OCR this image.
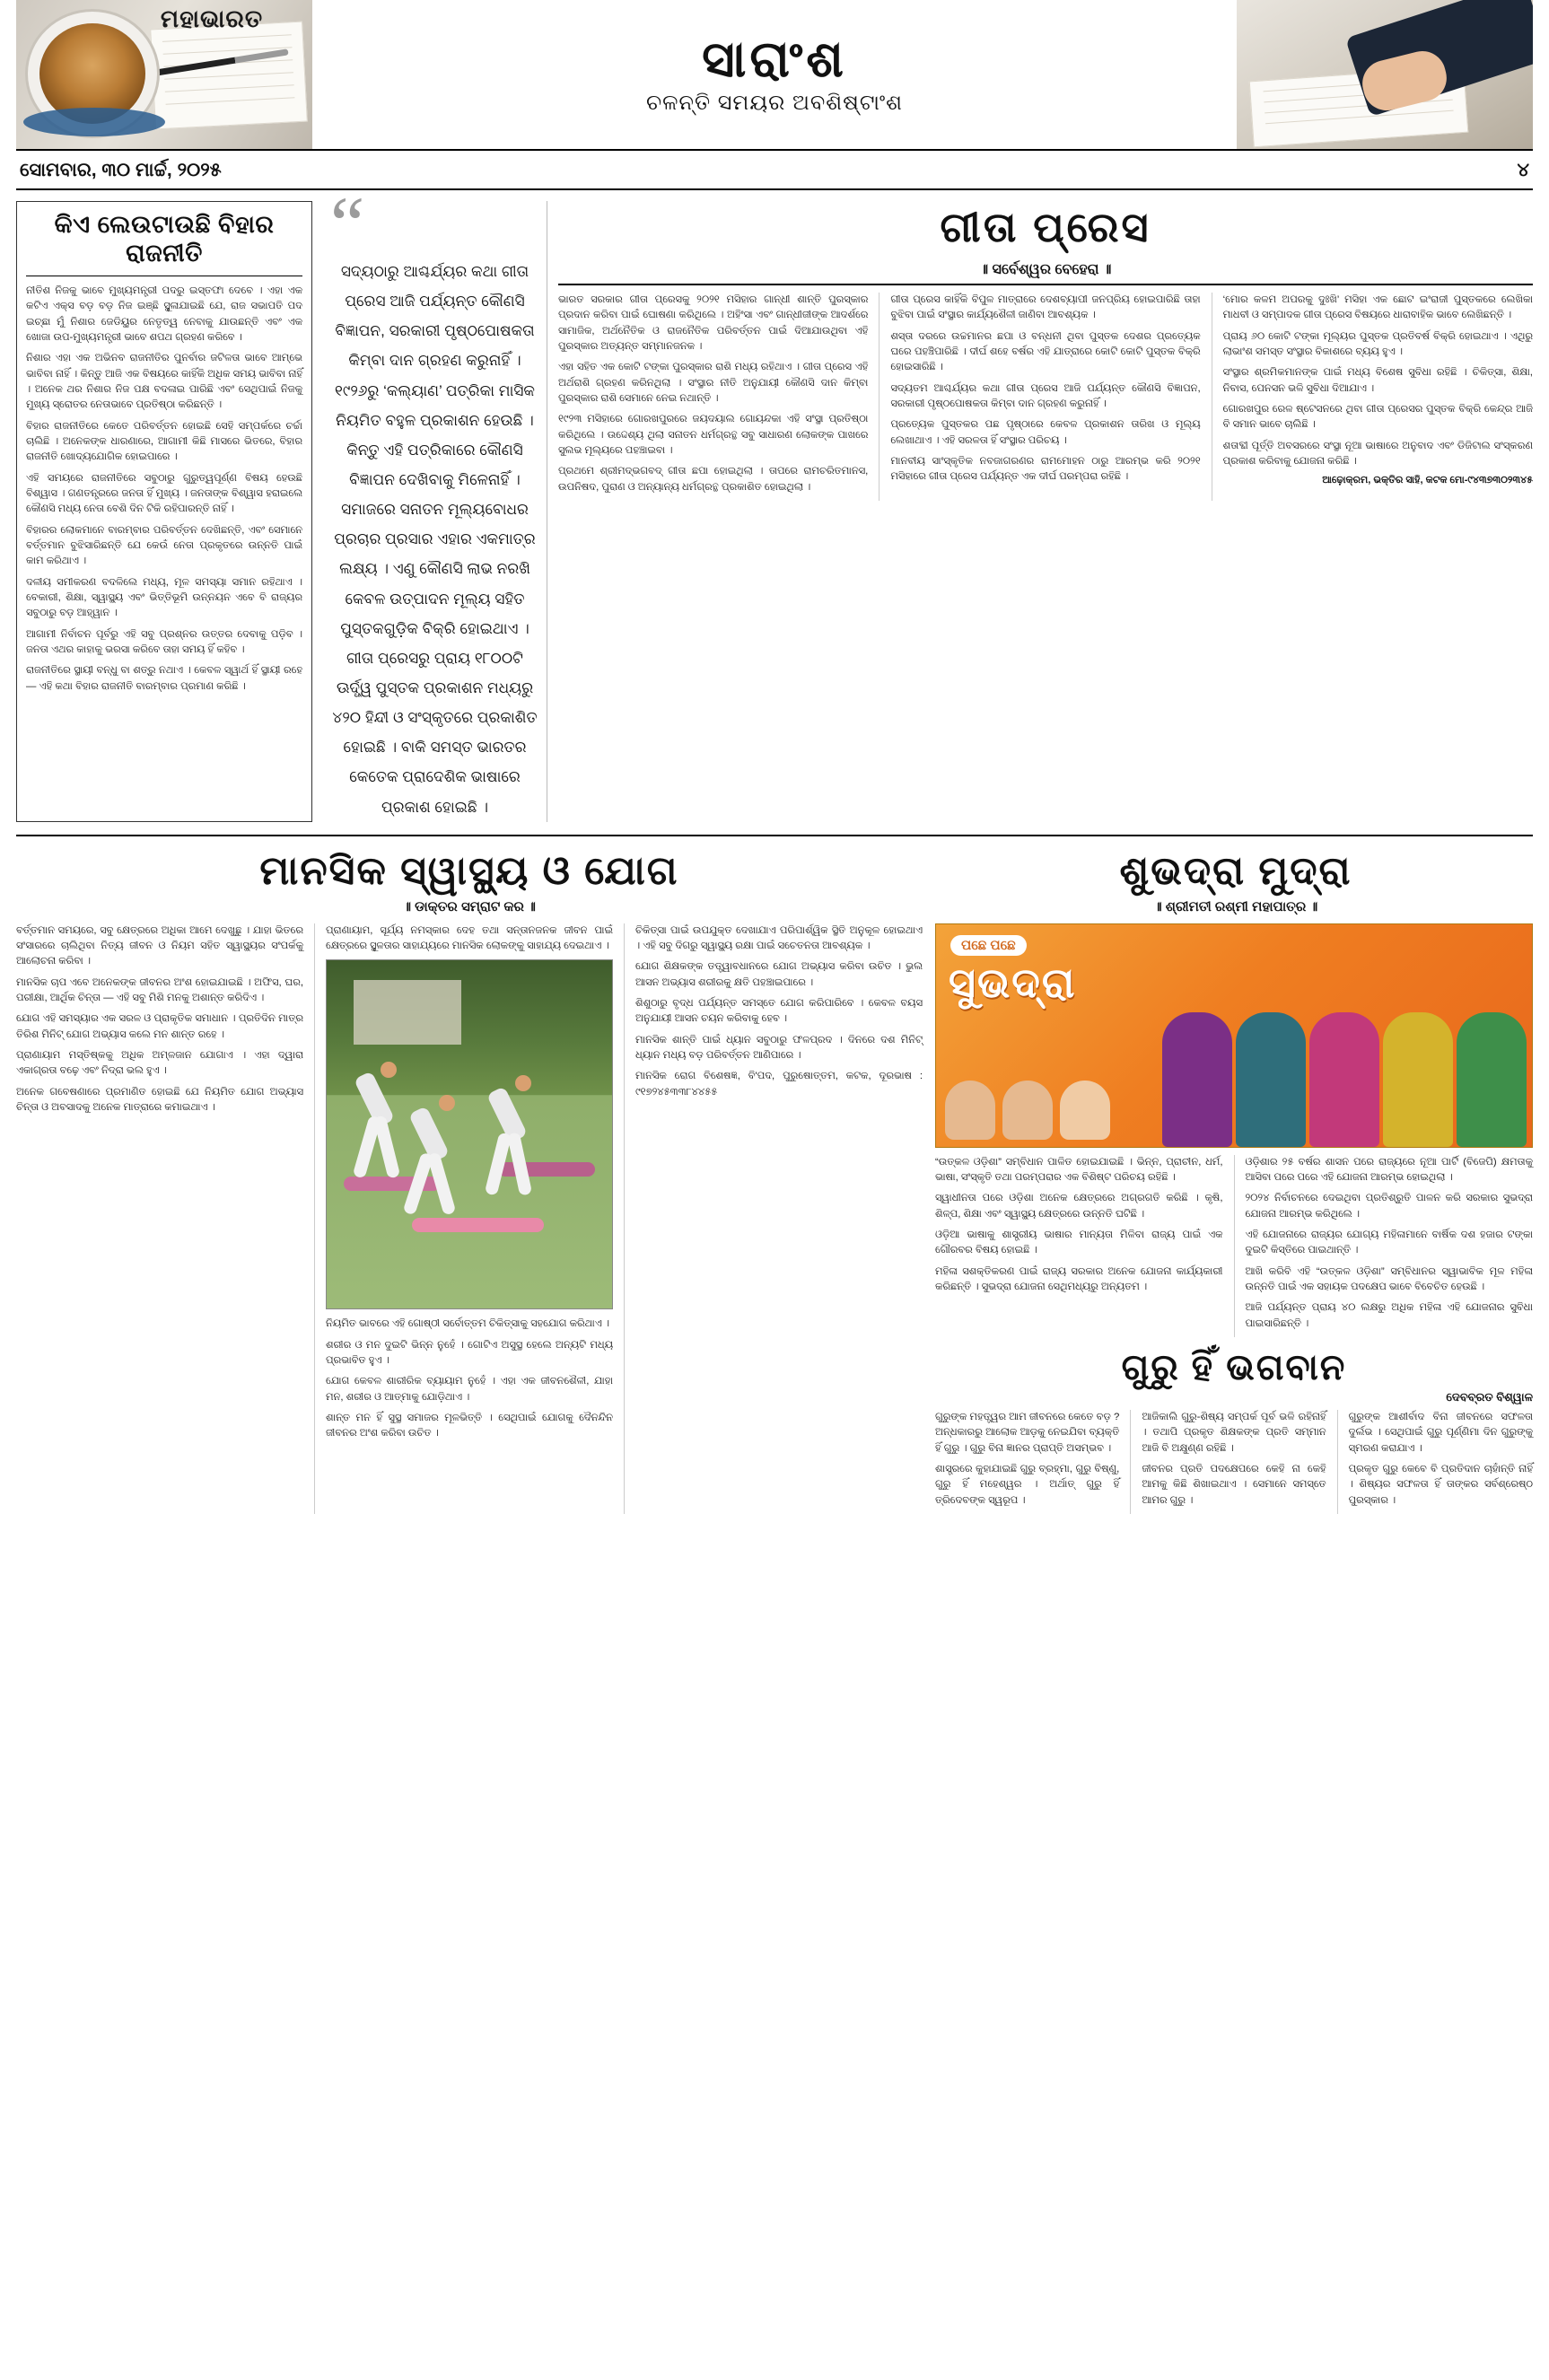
ମହାଭାରତ
ସାରାଂଶ
ଚଳନ୍ତି ସମୟର ଅବଶିଷ୍ଟାଂଶ
ସୋମବାର, ୩୦ ମାର୍ଚ୍ଚ, ୨୦୨୫	୪
କିଏ ଲେଉଟାଉଛି ବିହାର ରାଜନୀତି

ନୀତିଶ ନିଜକୁ ଭାବେ ମୁଖ୍ୟମନ୍ତ୍ରୀ ପଦରୁ ଇସ୍ତଫା ଦେବେ । ଏହା ଏକ କଟିଏ ଏକ୍ସ ବଡ଼ ବଡ଼ ନିଜ ଇଞ୍ଛି ସ୍ଥୂଳାଯାଇଛି ଯେ, ରାଜ ସଭାପତି ପଦ ଇଚ୍ଛା ମୁଁ ନିଶାର ଜେଡିୟୁର ନେତୃତ୍ୱ ନେବାକୁ ଯାଉଛନ୍ତି ଏବଂ ଏକ ଖୋଜା ଉପ-ମୁଖ୍ୟମନ୍ତ୍ରୀ ଭାବେ ଶପଥ ଗ୍ରହଣ କରିବେ ।

ନିଶାର ଏହା ଏକ ଅଭିନବ ରାଜନୀତିର ପୁନର୍ବାର ଜଟିଳତା ଭାବେ ଆମ୍ଭେ ଭାବିବା ନାହିଁ । କିନ୍ତୁ ଆଜି ଏକ ବିଷୟରେ କାହିଁକି ଅଧିକ ସମୟ ଭାବିବା ନାହିଁ । ଅନେକ ଥର ନିଶାର ନିଜ ପକ୍ଷ ବଦଳାଇ ପାରିଛି ଏବଂ ସେଥିପାଇଁ ନିଜକୁ ମୁଖ୍ୟ ସ୍ରୋତର ନେତାଭାବେ ପ୍ରତିଷ୍ଠା କରିଛନ୍ତି ।

ବିହାର ରାଜନୀତିରେ କେତେ ପରିବର୍ତ୍ତନ ହୋଇଛି ସେହି ସମ୍ପର୍କରେ ଚର୍ଚ୍ଚା ଚାଲିଛି । ଅନେକଙ୍କ ଧାରଣାରେ, ଆଗାମୀ କିଛି ମାସରେ ଭିତରେ, ବିହାର ରାଜନୀତି ଖୋଦ୍ୟଯୋଗିକ ହୋଇପାରେ ।

ଏହି ସମୟରେ ରାଜନୀତିରେ ସବୁଠାରୁ ଗୁରୁତ୍ୱପୂର୍ଣ୍ଣ ବିଷୟ ହେଉଛି ବିଶ୍ୱାସ । ଗଣତନ୍ତ୍ରରେ ଜନତା ହିଁ ମୁଖ୍ୟ । ଜନତାଙ୍କ ବିଶ୍ୱାସ ହରାଇଲେ କୌଣସି ମଧ୍ୟ ନେତା ବେଶି ଦିନ ଟିକି ରହିପାରନ୍ତି ନାହିଁ ।

ବିହାରର ଲୋକମାନେ ବାରମ୍ବାର ପରିବର୍ତ୍ତନ ଦେଖିଛନ୍ତି, ଏବଂ ସେମାନେ ବର୍ତ୍ତମାନ ବୁଝିସାରିଛନ୍ତି ଯେ କେଉଁ ନେତା ପ୍ରକୃତରେ ଉନ୍ନତି ପାଇଁ କାମ କରିଥାଏ ।

ଦଳୀୟ ସମୀକରଣ ବଦଳିଲେ ମଧ୍ୟ, ମୂଳ ସମସ୍ୟା ସମାନ ରହିଥାଏ । ବେକାରୀ, ଶିକ୍ଷା, ସ୍ୱାସ୍ଥ୍ୟ ଏବଂ ଭିତ୍ତିଭୂମି ଉନ୍ନୟନ ଏବେ ବି ରାଜ୍ୟର ସବୁଠାରୁ ବଡ଼ ଆହ୍ୱାନ ।

ଆଗାମୀ ନିର୍ବାଚନ ପୂର୍ବରୁ ଏହି ସବୁ ପ୍ରଶ୍ନର ଉତ୍ତର ଦେବାକୁ ପଡ଼ିବ । ଜନତା ଏଥର କାହାକୁ ଭରସା କରିବେ ତାହା ସମୟ ହିଁ କହିବ ।

ରାଜନୀତିରେ ସ୍ଥାୟୀ ବନ୍ଧୁ ବା ଶତ୍ରୁ ନଥାଏ । କେବଳ ସ୍ୱାର୍ଥ ହିଁ ସ୍ଥାୟୀ ରହେ — ଏହି କଥା ବିହାର ରାଜନୀତି ବାରମ୍ବାର ପ୍ରମାଣ କରିଛି ।

“

ସଦ୍ୟଠାରୁ ଆଶ୍ଚର୍ଯ୍ୟର କଥା ଗୀତା ପ୍ରେସ ଆଜି ପର୍ଯ୍ୟନ୍ତ କୌଣସି ବିଜ୍ଞାପନ, ସରକାରୀ ପୃଷ୍ଠପୋଷକତା କିମ୍ବା ଦାନ ଗ୍ରହଣ କରୁନାହିଁ । ୧୯୨୬ରୁ ‘କଲ୍ୟାଣ’ ପତ୍ରିକା ମାସିକ ନିୟମିତ ବହୁଳ ପ୍ରକାଶନ ହେଉଛି । କିନ୍ତୁ ଏହି ପତ୍ରିକାରେ କୌଣସି ବିଜ୍ଞାପନ ଦେଖିବାକୁ ମିଳେନାହିଁ । ସମାଜରେ ସନାତନ ମୂଲ୍ୟବୋଧର ପ୍ରଚାର ପ୍ରସାର ଏହାର ଏକମାତ୍ର ଲକ୍ଷ୍ୟ । ଏଣୁ କୌଣସି ଲାଭ ନରଖି କେବଳ ଉତ୍ପାଦନ ମୂଲ୍ୟ ସହିତ ପୁସ୍ତକଗୁଡ଼ିକ ବିକ୍ରି ହୋଇଥାଏ । ଗୀତା ପ୍ରେସରୁ ପ୍ରାୟ ୧୮୦୦ଟି ଊର୍ଦ୍ଧ୍ୱ ପୁସ୍ତକ ପ୍ରକାଶନ ମଧ୍ୟରୁ ୪୨୦ ହିନ୍ଦୀ ଓ ସଂସ୍କୃତରେ ପ୍ରକାଶିତ ହୋଇଛି । ବାକି ସମସ୍ତ ଭାରତର କେତେକ ପ୍ରାଦେଶିକ ଭାଷାରେ ପ୍ରକାଶ ହୋଇଛି ।

ଗୀତା ପ୍ରେସ
॥ ସର୍ବେଶ୍ୱର ବେହେରା ॥

ଭାରତ ସରକାର ଗୀତା ପ୍ରେସକୁ ୨୦୨୧ ମସିହାର ଗାନ୍ଧୀ ଶାନ୍ତି ପୁରସ୍କାର ପ୍ରଦାନ କରିବା ପାଇଁ ଘୋଷଣା କରିଥିଲେ । ଅହିଂସା ଏବଂ ଗାନ୍ଧୀଜୀଙ୍କ ଆଦର୍ଶରେ ସାମାଜିକ, ଅର୍ଥନୈତିକ ଓ ରାଜନୈତିକ ପରିବର୍ତ୍ତନ ପାଇଁ ଦିଆଯାଉଥିବା ଏହି ପୁରସ୍କାର ଅତ୍ୟନ୍ତ ସମ୍ମାନଜନକ ।

ଏହା ସହିତ ଏକ କୋଟି ଟଙ୍କା ପୁରସ୍କାର ରାଶି ମଧ୍ୟ ରହିଥାଏ । ଗୀତା ପ୍ରେସ ଏହି ଅର୍ଥରାଶି ଗ୍ରହଣ କରିନଥିଲା । ସଂସ୍ଥାର ନୀତି ଅନୁଯାୟୀ କୌଣସି ଦାନ କିମ୍ବା ପୁରସ୍କାର ରାଶି ସେମାନେ ନେଇ ନଥାନ୍ତି ।

୧୯୨୩ ମସିହାରେ ଗୋରଖପୁରରେ ଜୟଦୟାଲ ଗୋୟନ୍ଦକା ଏହି ସଂସ୍ଥା ପ୍ରତିଷ୍ଠା କରିଥିଲେ । ଉଦ୍ଦେଶ୍ୟ ଥିଲା ସନାତନ ଧର୍ମଗ୍ରନ୍ଥ ସବୁ ସାଧାରଣ ଲୋକଙ୍କ ପାଖରେ ସୁଲଭ ମୂଲ୍ୟରେ ପହଞ୍ଚାଇବା ।

ପ୍ରଥମେ ଶ୍ରୀମଦ୍ଭଗବଦ୍ ଗୀତା ଛପା ହୋଇଥିଲା । ତାପରେ ରାମଚରିତମାନସ, ଉପନିଷଦ, ପୁରାଣ ଓ ଅନ୍ୟାନ୍ୟ ଧର୍ମଗ୍ରନ୍ଥ ପ୍ରକାଶିତ ହୋଇଥିଲା ।

ଗୀତା ପ୍ରେସ କାହିଁକି ବିପୁଳ ମାତ୍ରାରେ ଦେଶବ୍ୟାପୀ ଜନପ୍ରିୟ ହୋଇପାରିଛି ତାହା ବୁଝିବା ପାଇଁ ସଂସ୍ଥାର କାର୍ଯ୍ୟଶୈଳୀ ଜାଣିବା ଆବଶ୍ୟକ ।

ଶସ୍ତା ଦରରେ ଉଚ୍ଚମାନର ଛପା ଓ ବନ୍ଧନୀ ଥିବା ପୁସ୍ତକ ଦେଶର ପ୍ରତ୍ୟେକ ଘରେ ପହଞ୍ଚିପାରିଛି । ଦୀର୍ଘ ଶହେ ବର୍ଷର ଏହି ଯାତ୍ରାରେ କୋଟି କୋଟି ପୁସ୍ତକ ବିକ୍ରି ହୋଇସାରିଛି ।

ସଦ୍ୟତମ ଆଶ୍ଚର୍ଯ୍ୟର କଥା ଗୀତା ପ୍ରେସ ଆଜି ପର୍ଯ୍ୟନ୍ତ କୌଣସି ବିଜ୍ଞାପନ, ସରକାରୀ ପୃଷ୍ଠପୋଷକତା କିମ୍ବା ଦାନ ଗ୍ରହଣ କରୁନାହିଁ ।

ପ୍ରତ୍ୟେକ ପୁସ୍ତକର ପଛ ପୃଷ୍ଠାରେ କେବଳ ପ୍ରକାଶନ ତାରିଖ ଓ ମୂଲ୍ୟ ଲେଖାଥାଏ । ଏହି ସରଳତା ହିଁ ସଂସ୍ଥାର ପରିଚୟ ।

ମାନବୀୟ ସାଂସ୍କୃତିକ ନବଜାଗରଣର ରାମମୋହନ ଠାରୁ ଆରମ୍ଭ କରି ୨୦୨୧ ମସିହାରେ ଗୀତା ପ୍ରେସ ପର୍ଯ୍ୟନ୍ତ ଏକ ଦୀର୍ଘ ପରମ୍ପରା ରହିଛି ।

‘ମୋର କଳମ ଅପରକୁ ଦୁଃଖି’ ମସିହା ଏକ ଛୋଟ ଇଂରାଜୀ ପୁସ୍ତକରେ ଲେଖିକା ମାଧବୀ ଓ ସମ୍ପାଦକ ଗୀତା ପ୍ରେସ ବିଷୟରେ ଧାରାବାହିକ ଭାବେ ଲେଖିଛନ୍ତି ।

ପ୍ରାୟ ୬୦ କୋଟି ଟଙ୍କା ମୂଲ୍ୟର ପୁସ୍ତକ ପ୍ରତିବର୍ଷ ବିକ୍ରି ହୋଇଥାଏ । ଏଥିରୁ ଲାଭାଂଶ ସମସ୍ତ ସଂସ୍ଥାର ବିକାଶରେ ବ୍ୟୟ ହୁଏ ।

ସଂସ୍ଥାର ଶ୍ରମିକମାନଙ୍କ ପାଇଁ ମଧ୍ୟ ବିଶେଷ ସୁବିଧା ରହିଛି । ଚିକିତ୍ସା, ଶିକ୍ଷା, ନିବାସ, ପେନସନ ଭଳି ସୁବିଧା ଦିଆଯାଏ ।

ଗୋରଖପୁର ରେଳ ଷ୍ଟେସନରେ ଥିବା ଗୀତା ପ୍ରେସର ପୁସ୍ତକ ବିକ୍ରି କେନ୍ଦ୍ର ଆଜି ବି ସମାନ ଭାବେ ଚାଲିଛି ।

ଶତାବ୍ଦୀ ପୂର୍ତ୍ତି ଅବସରରେ ସଂସ୍ଥା ନୂଆ ଭାଷାରେ ଅନୁବାଦ ଏବଂ ଡିଜିଟାଲ ସଂସ୍କରଣ ପ୍ରକାଶ କରିବାକୁ ଯୋଜନା କରିଛି ।

ଆଢ଼ୋକ୍ରମ, ଭକ୍ତିର ସାହି, କଟକ ମୋ-୯୪୩୭୩୦୨୩୪୫
ମାନସିକ ସ୍ୱାସ୍ଥ୍ୟ ଓ ଯୋଗ
॥ ଡାକ୍ତର ସମ୍ରାଟ କର ॥
ଶୁଭଦ୍ରା ମୁଦ୍ରା
॥ ଶ୍ରୀମତୀ ରଶ୍ମୀ ମହାପାତ୍ର ॥

ବର୍ତ୍ତମାନ ସମୟରେ, ସବୁ କ୍ଷେତ୍ରରେ ଅଧିକା ଆମେ ଦେଖୁଛୁ । ଯାହା ଭିତରେ ସଂସାରରେ ଚାଲିଥିବା ନିତ୍ୟ ଜୀବନ ଓ ନିୟମ ସହିତ ସ୍ୱାସ୍ଥ୍ୟର ସଂପର୍କକୁ ଆଲୋଚନା କରିବା ।

ମାନସିକ ଚାପ ଏବେ ଅନେକଙ୍କ ଜୀବନର ଅଂଶ ହୋଇଯାଇଛି । ଅଫିସ, ଘର, ପରୀକ୍ଷା, ଆର୍ଥିକ ଚିନ୍ତା — ଏହି ସବୁ ମିଶି ମନକୁ ଅଶାନ୍ତ କରିଦିଏ ।

ଯୋଗ ଏହି ସମସ୍ୟାର ଏକ ସରଳ ଓ ପ୍ରାକୃତିକ ସମାଧାନ । ପ୍ରତିଦିନ ମାତ୍ର ତିରିଶ ମିନିଟ୍ ଯୋଗ ଅଭ୍ୟାସ କଲେ ମନ ଶାନ୍ତ ରହେ ।

ପ୍ରାଣାୟାମ ମସ୍ତିଷ୍କକୁ ଅଧିକ ଅମ୍ଳଜାନ ଯୋଗାଏ । ଏହା ଦ୍ୱାରା ଏକାଗ୍ରତା ବଢ଼େ ଏବଂ ନିଦ୍ରା ଭଲ ହୁଏ ।

ଅନେକ ଗବେଷଣାରେ ପ୍ରମାଣିତ ହୋଇଛି ଯେ ନିୟମିତ ଯୋଗ ଅଭ୍ୟାସ ଚିନ୍ତା ଓ ଅବସାଦକୁ ଅନେକ ମାତ୍ରାରେ କମାଇଥାଏ ।

ପ୍ରାଣାୟାମ, ସୂର୍ଯ୍ୟ ନମସ୍କାର ଦେହ ତଥା ସନ୍ତାନଜନକ ଜୀବନ ପାଇଁ କ୍ଷେତ୍ରରେ ସ୍ଥୂଳତାର ସାହାଯ୍ୟରେ ମାନସିକ ଲୋକଙ୍କୁ ସାହାଯ୍ୟ ଦେଇଥାଏ ।

ନିୟମିତ ଭାବରେ ଏହି ଗୋଷ୍ଠୀ ସର୍ବୋତ୍ତମ ଚିକିତ୍ସାକୁ ସହଯୋଗ କରିଥାଏ ।

ଶରୀର ଓ ମନ ଦୁଇଟି ଭିନ୍ନ ନୁହେଁ । ଗୋଟିଏ ଅସୁସ୍ଥ ହେଲେ ଅନ୍ୟଟି ମଧ୍ୟ ପ୍ରଭାବିତ ହୁଏ ।

ଯୋଗ କେବଳ ଶାରୀରିକ ବ୍ୟାୟାମ ନୁହେଁ । ଏହା ଏକ ଜୀବନଶୈଳୀ, ଯାହା ମନ, ଶରୀର ଓ ଆତ୍ମାକୁ ଯୋଡ଼ିଥାଏ ।

ଶାନ୍ତ ମନ ହିଁ ସୁସ୍ଥ ସମାଜର ମୂଳଭିତ୍ତି । ସେଥିପାଇଁ ଯୋଗକୁ ଦୈନନ୍ଦିନ ଜୀବନର ଅଂଶ କରିବା ଉଚିତ ।

ଚିକିତ୍ସା ପାଇଁ ଉପଯୁକ୍ତ ଦେଖାଯାଏ ପରିପାର୍ଶ୍ୱିକ ସ୍ଥିତି ଅନୁକୂଳ ହୋଇଥାଏ । ଏହି ସବୁ ଦିଗରୁ ସ୍ୱାସ୍ଥ୍ୟ ରକ୍ଷା ପାଇଁ ସଚେତନତା ଆବଶ୍ୟକ ।

ଯୋଗ ଶିକ୍ଷକଙ୍କ ତତ୍ତ୍ୱାବଧାନରେ ଯୋଗ ଅଭ୍ୟାସ କରିବା ଉଚିତ । ଭୁଲ ଆସନ ଅଭ୍ୟାସ ଶରୀରକୁ କ୍ଷତି ପହଞ୍ଚାଇପାରେ ।

ଶିଶୁଠାରୁ ବୃଦ୍ଧ ପର୍ଯ୍ୟନ୍ତ ସମସ୍ତେ ଯୋଗ କରିପାରିବେ । କେବଳ ବୟସ ଅନୁଯାୟୀ ଆସନ ଚୟନ କରିବାକୁ ହେବ ।

ମାନସିକ ଶାନ୍ତି ପାଇଁ ଧ୍ୟାନ ସବୁଠାରୁ ଫଳପ୍ରଦ । ଦିନରେ ଦଶ ମିନିଟ୍ ଧ୍ୟାନ ମଧ୍ୟ ବଡ଼ ପରିବର୍ତ୍ତନ ଆଣିପାରେ ।

ମାନସିକ ରୋଗ ବିଶେଷଜ୍ଞ, ବି'ପଦ, ପୁରୁଷୋତ୍ତମ, କଟକ, ଦୂରଭାଷ : ୯୧୭୨୪୫୩୩୮୪୪୫୫

ପଛେ ପଛେ
ସୁଭଦ୍ରା

“ଉତ୍କଳ ଓଡ଼ିଶା” ସମ୍ବିଧାନ ପାଳିତ ହୋଇଯାଇଛି । ଭିନ୍ନ, ପ୍ରାଚୀନ, ଧର୍ମ, ଭାଷା, ସଂସ୍କୃତି ତଥା ପରମ୍ପରାର ଏକ ବିଶିଷ୍ଟ ପରିଚୟ ରହିଛି ।

ସ୍ୱାଧୀନତା ପରେ ଓଡ଼ିଶା ଅନେକ କ୍ଷେତ୍ରରେ ଅଗ୍ରଗତି କରିଛି । କୃଷି, ଶିଳ୍ପ, ଶିକ୍ଷା ଏବଂ ସ୍ୱାସ୍ଥ୍ୟ କ୍ଷେତ୍ରରେ ଉନ୍ନତି ଘଟିଛି ।

ଓଡ଼ିଆ ଭାଷାକୁ ଶାସ୍ତ୍ରୀୟ ଭାଷାର ମାନ୍ୟତା ମିଳିବା ରାଜ୍ୟ ପାଇଁ ଏକ ଗୌରବର ବିଷୟ ହୋଇଛି ।

ମହିଳା ସଶକ୍ତିକରଣ ପାଇଁ ରାଜ୍ୟ ସରକାର ଅନେକ ଯୋଜନା କାର୍ଯ୍ୟକାରୀ କରିଛନ୍ତି । ସୁଭଦ୍ରା ଯୋଜନା ସେଥିମଧ୍ୟରୁ ଅନ୍ୟତମ ।

ଓଡ଼ିଶାର ୨୫ ବର୍ଷର ଶାସନ ପରେ ରାଜ୍ୟରେ ନୂଆ ପାର୍ଟି (ବିଜେପି) କ୍ଷମତାକୁ ଆସିବା ପରେ ପରେ ଏହି ଯୋଜନା ଆରମ୍ଭ ହୋଇଥିଲା ।

୨୦୨୪ ନିର୍ବାଚନରେ ଦେଇଥିବା ପ୍ରତିଶ୍ରୁତି ପାଳନ କରି ସରକାର ସୁଭଦ୍ରା ଯୋଜନା ଆରମ୍ଭ କରିଥିଲେ ।

ଏହି ଯୋଜନାରେ ରାଜ୍ୟର ଯୋଗ୍ୟ ମହିଳାମାନେ ବାର୍ଷିକ ଦଶ ହଜାର ଟଙ୍କା ଦୁଇଟି କିସ୍ତିରେ ପାଇଥାନ୍ତି ।

ଆଖି କରିବି ଏହି “ଉତ୍କଳ ଓଡ଼ିଶା” ସମ୍ବିଧାନର ସ୍ୱାଭାବିକ ମୂଳ ମହିଳା ଉନ୍ନତି ପାଇଁ ଏକ ସହାୟକ ପଦକ୍ଷେପ ଭାବେ ବିବେଚିତ ହେଉଛି ।

ଆଜି ପର୍ଯ୍ୟନ୍ତ ପ୍ରାୟ ୪୦ ଲକ୍ଷରୁ ଅଧିକ ମହିଳା ଏହି ଯୋଜନାର ସୁବିଧା ପାଇସାରିଛନ୍ତି ।

ଗୁରୁ ହିଁ ଭଗବାନ
ଦେବବ୍ରତ ବିଶ୍ୱାଳ

ଗୁରୁଙ୍କ ମହତ୍ତ୍ୱର ଆମ ଜୀବନରେ କେତେ ବଡ଼ ? ଅନ୍ଧକାରରୁ ଆଲୋକ ଆଡ଼କୁ ନେଇଯିବା ବ୍ୟକ୍ତି ହିଁ ଗୁରୁ । ଗୁରୁ ବିନା ଜ୍ଞାନର ପ୍ରାପ୍ତି ଅସମ୍ଭବ ।

ଶାସ୍ତ୍ରରେ କୁହାଯାଇଛି ଗୁରୁ ବ୍ରହ୍ମା, ଗୁରୁ ବିଷ୍ଣୁ, ଗୁରୁ ହିଁ ମହେଶ୍ୱର । ଅର୍ଥାତ୍ ଗୁରୁ ହିଁ ତ୍ରିଦେବଙ୍କ ସ୍ୱରୂପ ।

ଆଜିକାଲି ଗୁରୁ-ଶିଷ୍ୟ ସମ୍ପର୍କ ପୂର୍ବ ଭଳି ରହିନାହିଁ । ତଥାପି ପ୍ରକୃତ ଶିକ୍ଷକଙ୍କ ପ୍ରତି ସମ୍ମାନ ଆଜି ବି ଅକ୍ଷୁଣ୍ଣ ରହିଛି ।

ଜୀବନର ପ୍ରତି ପଦକ୍ଷେପରେ କେହି ନା କେହି ଆମକୁ କିଛି ଶିଖାଇଥାଏ । ସେମାନେ ସମସ୍ତେ ଆମର ଗୁରୁ ।

ଗୁରୁଙ୍କ ଆଶୀର୍ବାଦ ବିନା ଜୀବନରେ ସଫଳତା ଦୁର୍ଲଭ । ସେଥିପାଇଁ ଗୁରୁ ପୂର୍ଣ୍ଣିମା ଦିନ ଗୁରୁଙ୍କୁ ସ୍ମରଣ କରାଯାଏ ।

ପ୍ରକୃତ ଗୁରୁ କେବେ ବି ପ୍ରତିଦାନ ଚାହାଁନ୍ତି ନାହିଁ । ଶିଷ୍ୟର ସଫଳତା ହିଁ ତାଙ୍କର ସର୍ବଶ୍ରେଷ୍ଠ ପୁରସ୍କାର ।
